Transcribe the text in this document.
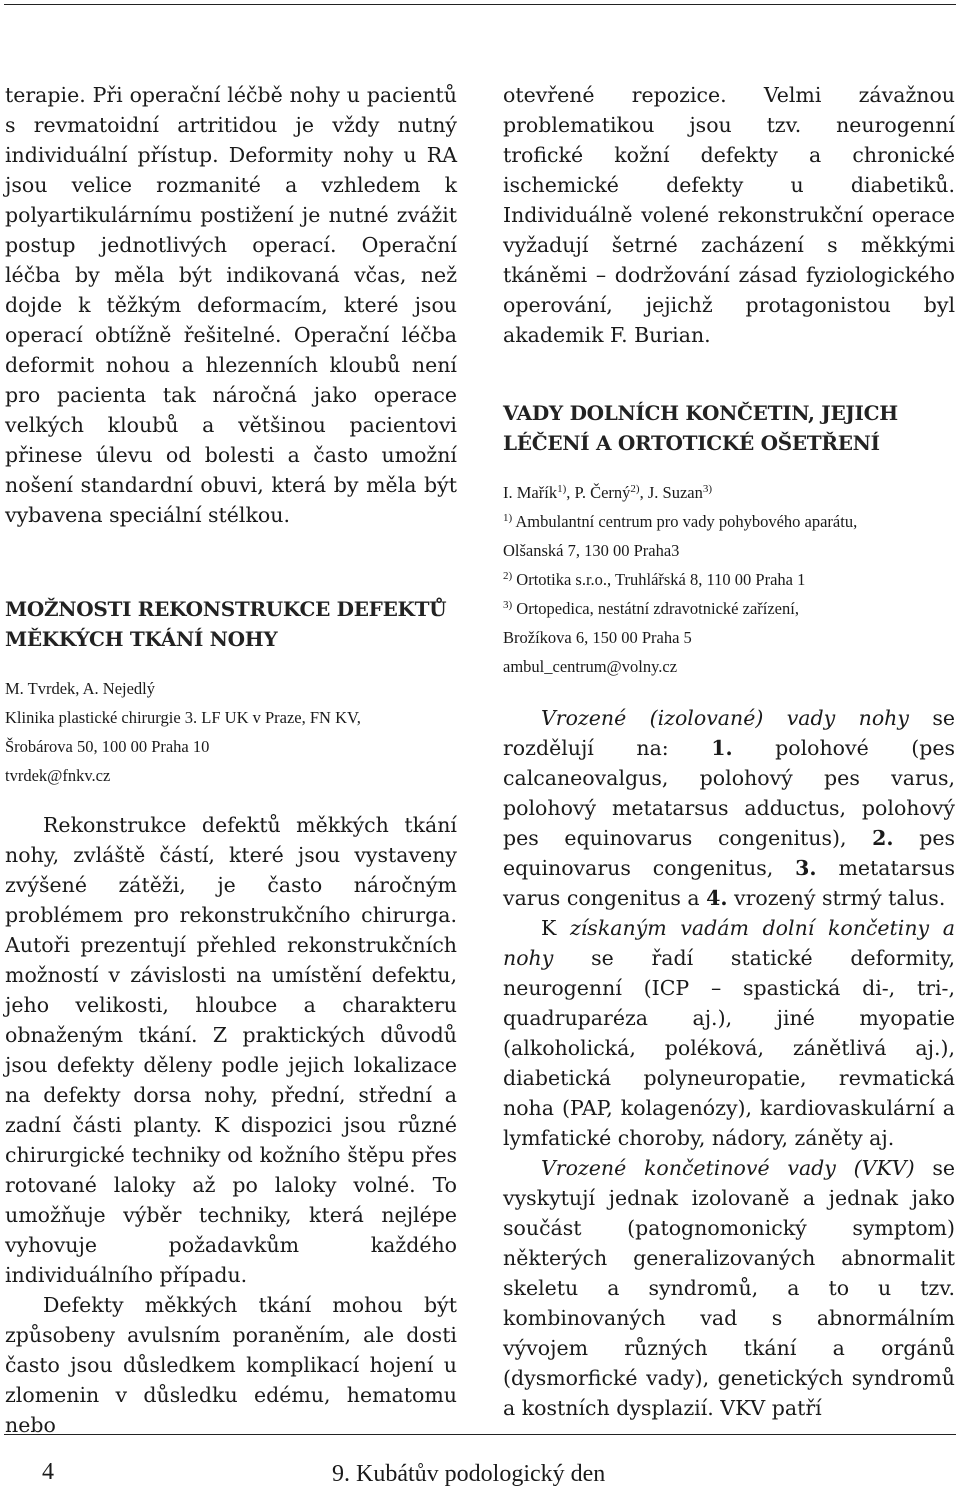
terapie. Při operační léčbě nohy u pacientů s revmatoidní artritidou je vždy nutný individuální přístup. Deformity nohy u RA jsou velice rozmanité a vzhledem k polyartikulárnímu postižení je nutné zvážit postup jednotlivých operací. Operační léčba by měla být indikovaná včas, než dojde k těžkým deformacím, které jsou operací obtížně řešitelné. Operační léčba deformit nohou a hlezenních kloubů není pro pacienta tak náročná jako operace velkých kloubů a většinou pacientovi přinese úlevu od bolesti a často umožní nošení standardní obuvi, která by měla být vybavena speciální stélkou.

MOŽNOSTI REKONSTRUKCE DEFEKTŮ
MĚKKÝCH TKÁNÍ NOHY

M. Tvrdek, A. Nejedlý

Klinika plastické chirurgie 3. LF UK v Praze, FN KV,

Šrobárova 50, 100 00 Praha 10

tvrdek@fnkv.cz

Rekonstrukce defektů měkkých tkání nohy, zvláště částí, které jsou vystaveny zvýšené zátěži, je často náročným problémem pro rekonstrukčního chirurga. Autoři prezentují přehled rekonstrukčních možností v závislosti na umístění defektu, jeho velikosti, hloubce a charakteru obnaženým tkání. Z praktických důvodů jsou defekty děleny podle jejich lokalizace na defekty dorsa nohy, přední, střední a zadní části planty. K dispozici jsou různé chirurgické techniky od kožního štěpu přes rotované laloky až po laloky volné. To umožňuje výběr techniky, která nejlépe vyhovuje požadavkům každého individuálního případu.

Defekty měkkých tkání mohou být způsobeny avulsním poraněním, ale dosti často jsou důsledkem komplikací hojení u zlomenin v důsledku edému, hematomu nebo

otevřené repozice. Velmi závažnou problematikou jsou tzv. neurogenní trofické kožní defekty a chronické ischemické defekty u diabetiků. Individuálně volené rekonstrukční operace vyžadují šetrné zacházení s měkkými tkáněmi – dodržování zásad fyziologického operování, jejichž protagonistou byl akademik F. Burian.

VADY DOLNÍCH KONČETIN, JEJICH
LÉČENÍ A ORTOTICKÉ OŠETŘENÍ

I. Mařík$^{1)}$, P. Černý$^{2)}$, J. Suzan$^{3)}$

$^{1)}$ Ambulantní centrum pro vady pohybového aparátu,

Olšanská 7, 130 00 Praha3

$^{2)}$ Ortotika s.r.o., Truhlářská 8, 110 00 Praha 1

$^{3)}$ Ortopedica, nestátní zdravotnické zařízení,

Brožíkova 6, 150 00 Praha 5

ambul_centrum@volny.cz

Vrozené (izolované) vady nohy se rozdělují na: 1. polohové (pes calcaneovalgus, polohový pes varus, polohový metatarsus adductus, polohový pes equinovarus congenitus), 2. pes equinovarus congenitus, 3. metatarsus varus congenitus a 4. vrozený strmý talus.

K získaným vadám dolní končetiny a nohy se řadí statické deformity, neurogenní (ICP – spastická di-, tri-, quadruparéza aj.), jiné myopatie (alkoholická, poléková, zánětlivá aj.), diabetická polyneuropatie, revmatická noha (PAP, kolagenózy), kardiovaskulární a lymfatické choroby, nádory, záněty aj.

Vrozené končetinové vady (VKV) se vyskytují jednak izolovaně a jednak jako součást (patognomonický symptom) některých generalizovaných abnormalit skeletu a syndromů, a to u tzv. kombinovaných vad s abnormálním vývojem různých tkání a orgánů (dysmorfické vady), genetických syndromů a kostních dysplazií. VKV patří

4	9. Kubátův podologický den
